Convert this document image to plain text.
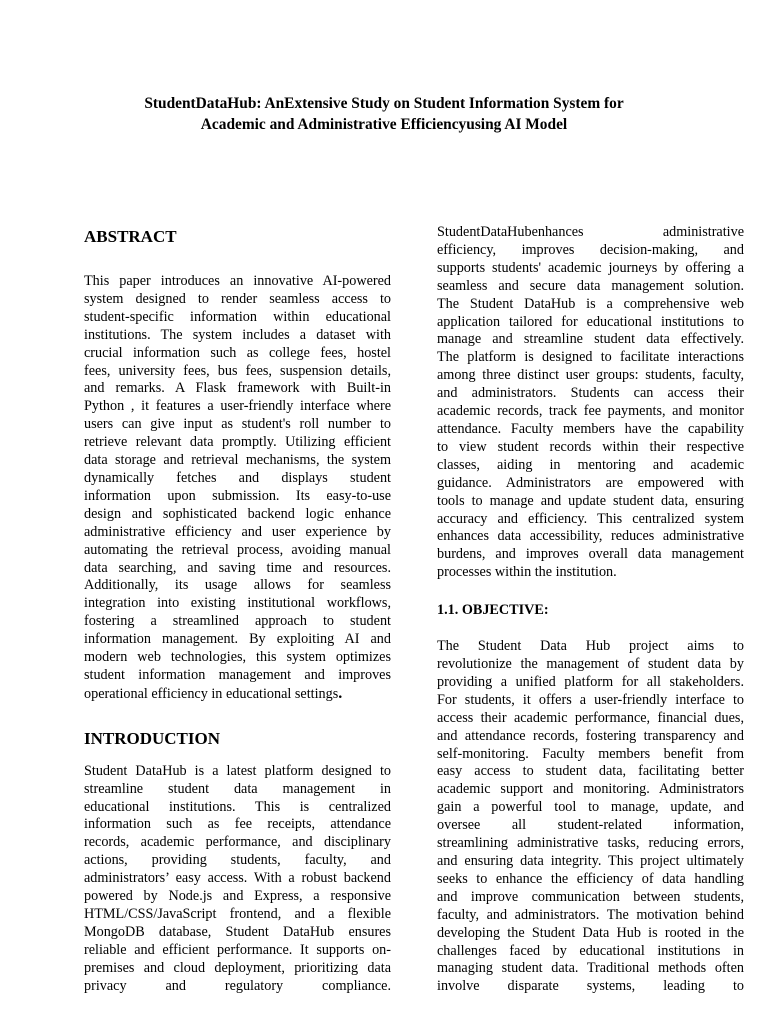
StudentDataHub: AnExtensive Study on Student Information System for
Academic and Administrative Efficiencyusing AI Model
ABSTRACT
This paper introduces an innovative AI-powered
system designed to render seamless access to
student-specific information within educational
institutions. The system includes a dataset with
crucial information such as college fees, hostel
fees, university fees, bus fees, suspension details,
and remarks. A Flask framework with Built-in
Python , it features a user-friendly interface where
users can give input as student's roll number to
retrieve relevant data promptly. Utilizing efficient
data storage and retrieval mechanisms, the system
dynamically fetches and displays student
information upon submission. Its easy-to-use
design and sophisticated backend logic enhance
administrative efficiency and user experience by
automating the retrieval process, avoiding manual
data searching, and saving time and resources.
Additionally, its usage allows for seamless
integration into existing institutional workflows,
fostering a streamlined approach to student
information management. By exploiting AI and
modern web technologies, this system optimizes
student information management and improves
operational efficiency in educational settings.
INTRODUCTION
Student DataHub is a latest platform designed to
streamline student data management in
educational institutions. This is centralized
information such as fee receipts, attendance
records, academic performance, and disciplinary
actions, providing students, faculty, and
administrators’ easy access. With a robust backend
powered by Node.js and Express, a responsive
HTML/CSS/JavaScript frontend, and a flexible
MongoDB database, Student DataHub ensures
reliable and efficient performance. It supports on-
premises and cloud deployment, prioritizing data
privacy and regulatory compliance.
StudentDataHubenhances administrative
efficiency, improves decision-making, and
supports students' academic journeys by offering a
seamless and secure data management solution.
The Student DataHub is a comprehensive web
application tailored for educational institutions to
manage and streamline student data effectively.
The platform is designed to facilitate interactions
among three distinct user groups: students, faculty,
and administrators. Students can access their
academic records, track fee payments, and monitor
attendance. Faculty members have the capability
to view student records within their respective
classes, aiding in mentoring and academic
guidance. Administrators are empowered with
tools to manage and update student data, ensuring
accuracy and efficiency. This centralized system
enhances data accessibility, reduces administrative
burdens, and improves overall data management
processes within the institution.
1.1. OBJECTIVE:
The Student Data Hub project aims to
revolutionize the management of student data by
providing a unified platform for all stakeholders.
For students, it offers a user-friendly interface to
access their academic performance, financial dues,
and attendance records, fostering transparency and
self-monitoring. Faculty members benefit from
easy access to student data, facilitating better
academic support and monitoring. Administrators
gain a powerful tool to manage, update, and
oversee all student-related information,
streamlining administrative tasks, reducing errors,
and ensuring data integrity. This project ultimately
seeks to enhance the efficiency of data handling
and improve communication between students,
faculty, and administrators. The motivation behind
developing the Student Data Hub is rooted in the
challenges faced by educational institutions in
managing student data. Traditional methods often
involve disparate systems, leading to
